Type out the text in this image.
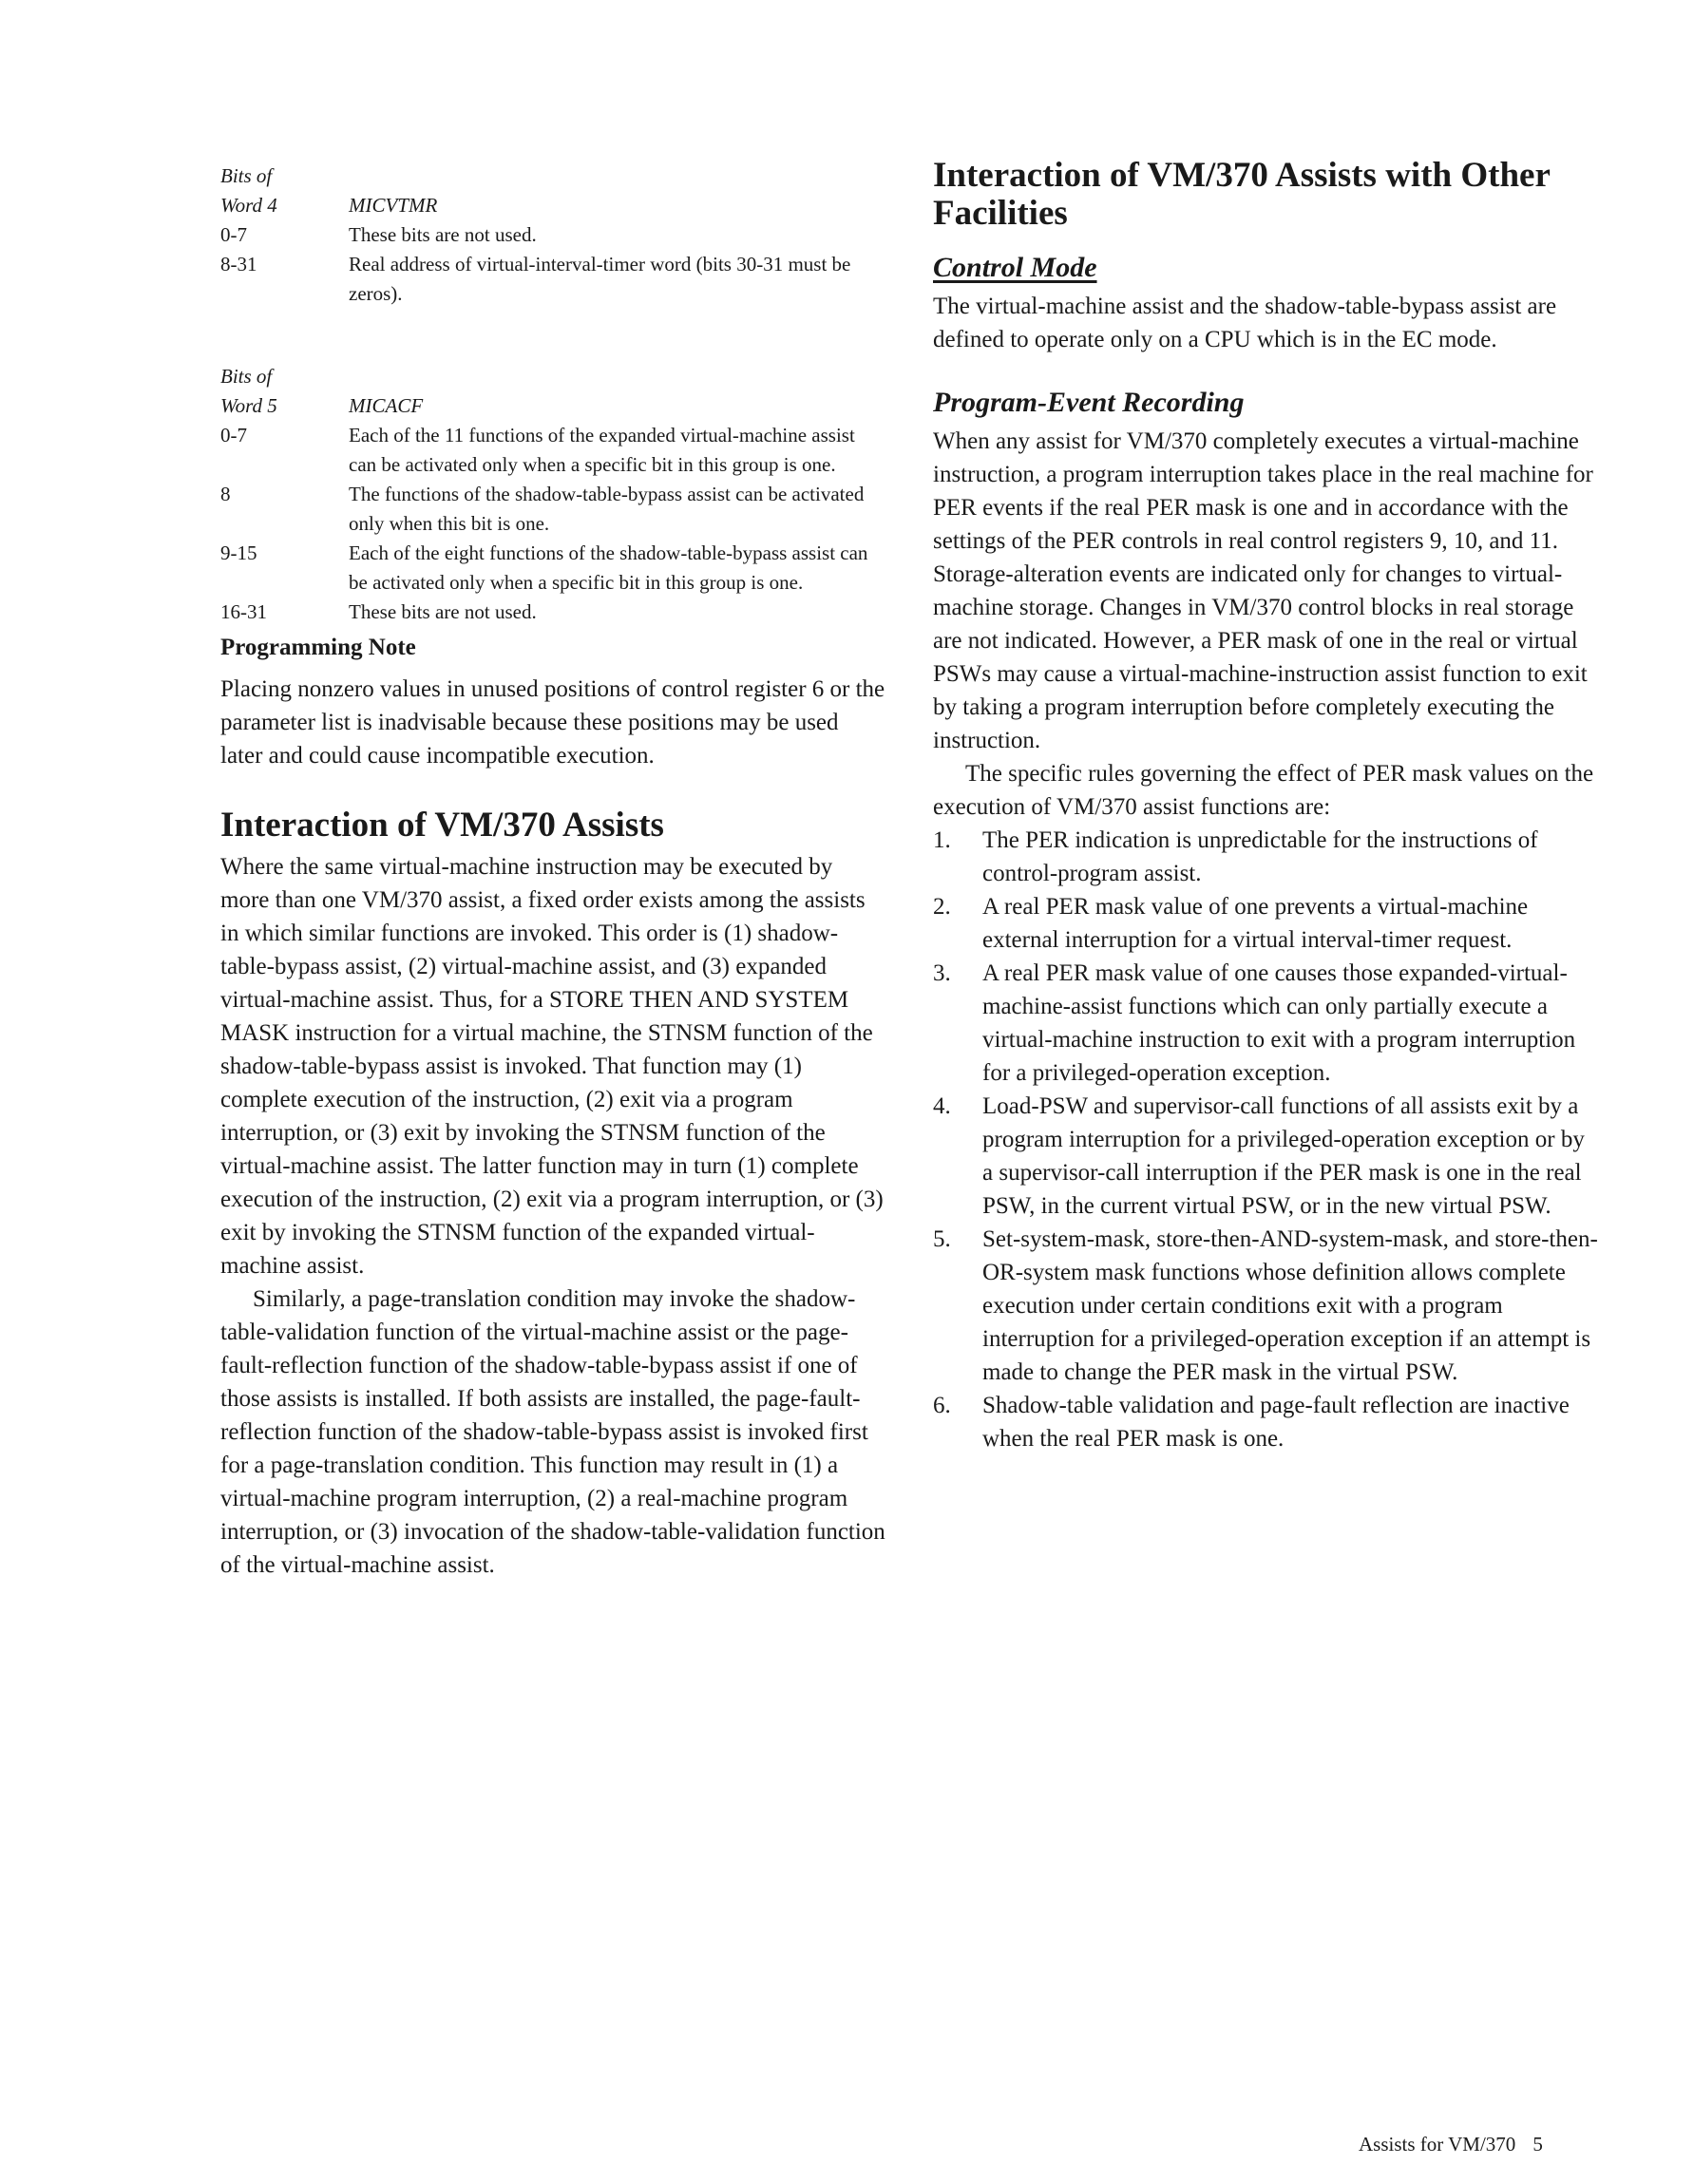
Bits of
Word 4	MICVTMR
0-7	These bits are not used.
8-31	Real address of virtual-interval-timer word (bits 30-31 must be zeros).
Bits of
Word 5	MICACF
0-7	Each of the 11 functions of the expanded virtual-machine assist can be activated only when a specific bit in this group is one.
8	The functions of the shadow-table-bypass assist can be activated only when this bit is one.
9-15	Each of the eight functions of the shadow-table-bypass assist can be activated only when a specific bit in this group is one.
16-31	These bits are not used.
Programming Note

Placing nonzero values in unused positions of control register 6 or the parameter list is inadvisable because these positions may be used later and could cause incompatible execution.

Interaction of VM/370 Assists

Where the same virtual-machine instruction may be executed by more than one VM/370 assist, a fixed order exists among the assists in which similar functions are invoked. This order is (1) shadow-table-bypass assist, (2) virtual-machine assist, and (3) expanded virtual-machine assist. Thus, for a STORE THEN AND SYSTEM MASK instruction for a virtual machine, the STNSM function of the shadow-table-bypass assist is invoked. That function may (1) complete execution of the instruction, (2) exit via a program interruption, or (3) exit by invoking the STNSM function of the virtual-machine assist. The latter function may in turn (1) complete execution of the instruction, (2) exit via a program interruption, or (3) exit by invoking the STNSM function of the expanded virtual-machine assist.

Similarly, a page-translation condition may invoke the shadow-table-validation function of the virtual-machine assist or the page-fault-reflection function of the shadow-table-bypass assist if one of those assists is installed. If both assists are installed, the page-fault-reflection function of the shadow-table-bypass assist is invoked first for a page-translation condition. This function may result in (1) a virtual-machine program interruption, (2) a real-machine program interruption, or (3) invocation of the shadow-table-validation function of the virtual-machine assist.

Interaction of VM/370 Assists with Other Facilities
Control Mode

The virtual-machine assist and the shadow-table-bypass assist are defined to operate only on a CPU which is in the EC mode.

Program-Event Recording

When any assist for VM/370 completely executes a virtual-machine instruction, a program interruption takes place in the real machine for PER events if the real PER mask is one and in accordance with the settings of the PER controls in real control registers 9, 10, and 11. Storage-alteration events are indicated only for changes to virtual-machine storage. Changes in VM/370 control blocks in real storage are not indicated. However, a PER mask of one in the real or virtual PSWs may cause a virtual-machine-instruction assist function to exit by taking a program interruption before completely executing the instruction.

The specific rules governing the effect of PER mask values on the execution of VM/370 assist functions are:

1.	The PER indication is unpredictable for the instructions of control-program assist.
2.	A real PER mask value of one prevents a virtual-machine external interruption for a virtual interval-timer request.
3.	A real PER mask value of one causes those expanded-virtual-machine-assist functions which can only partially execute a virtual-machine instruction to exit with a program interruption for a privileged-operation exception.
4.	Load-PSW and supervisor-call functions of all assists exit by a program interruption for a privileged-operation exception or by a supervisor-call interruption if the PER mask is one in the real PSW, in the current virtual PSW, or in the new virtual PSW.
5.	Set-system-mask, store-then-AND-system-mask, and store-then-OR-system mask functions whose definition allows complete execution under certain conditions exit with a program interruption for a privileged-operation exception if an attempt is made to change the PER mask in the virtual PSW.
6.	Shadow-table validation and page-fault reflection are inactive when the real PER mask is one.
Assists for VM/370 5
